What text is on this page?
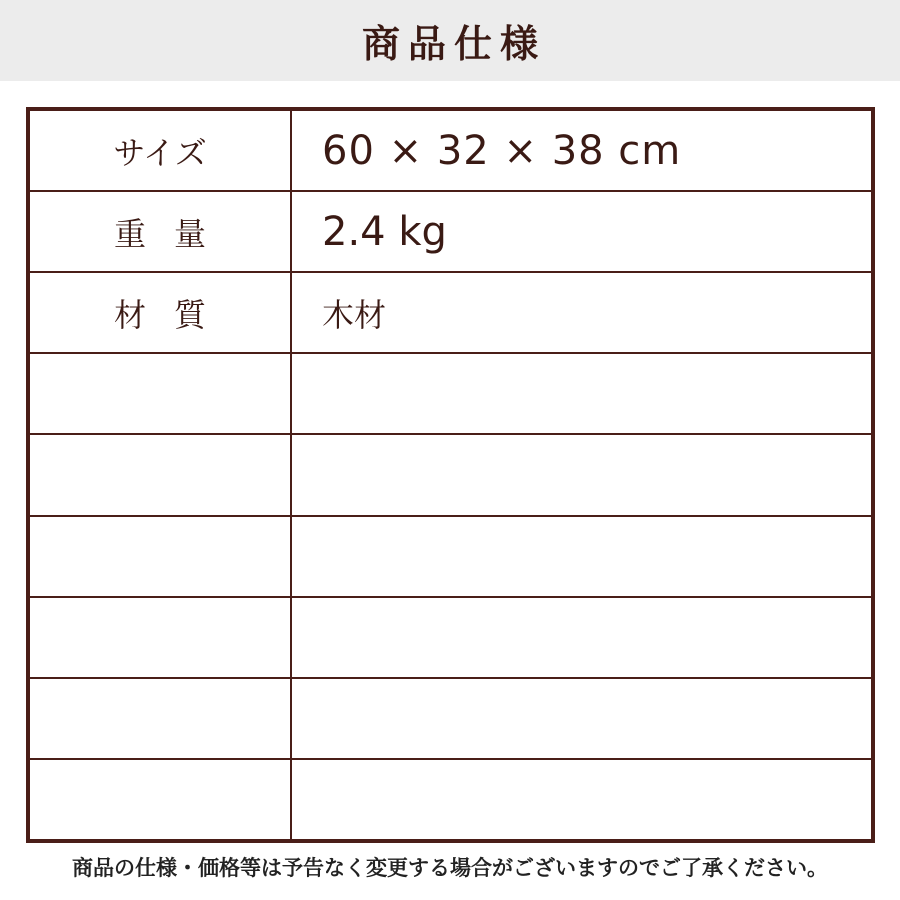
商品仕様
サイズ	60 × 32 × 38 cm
重量	2.4 kg
材質	木材
商品の仕様・価格等は予告なく変更する場合がございますのでご了承ください。
